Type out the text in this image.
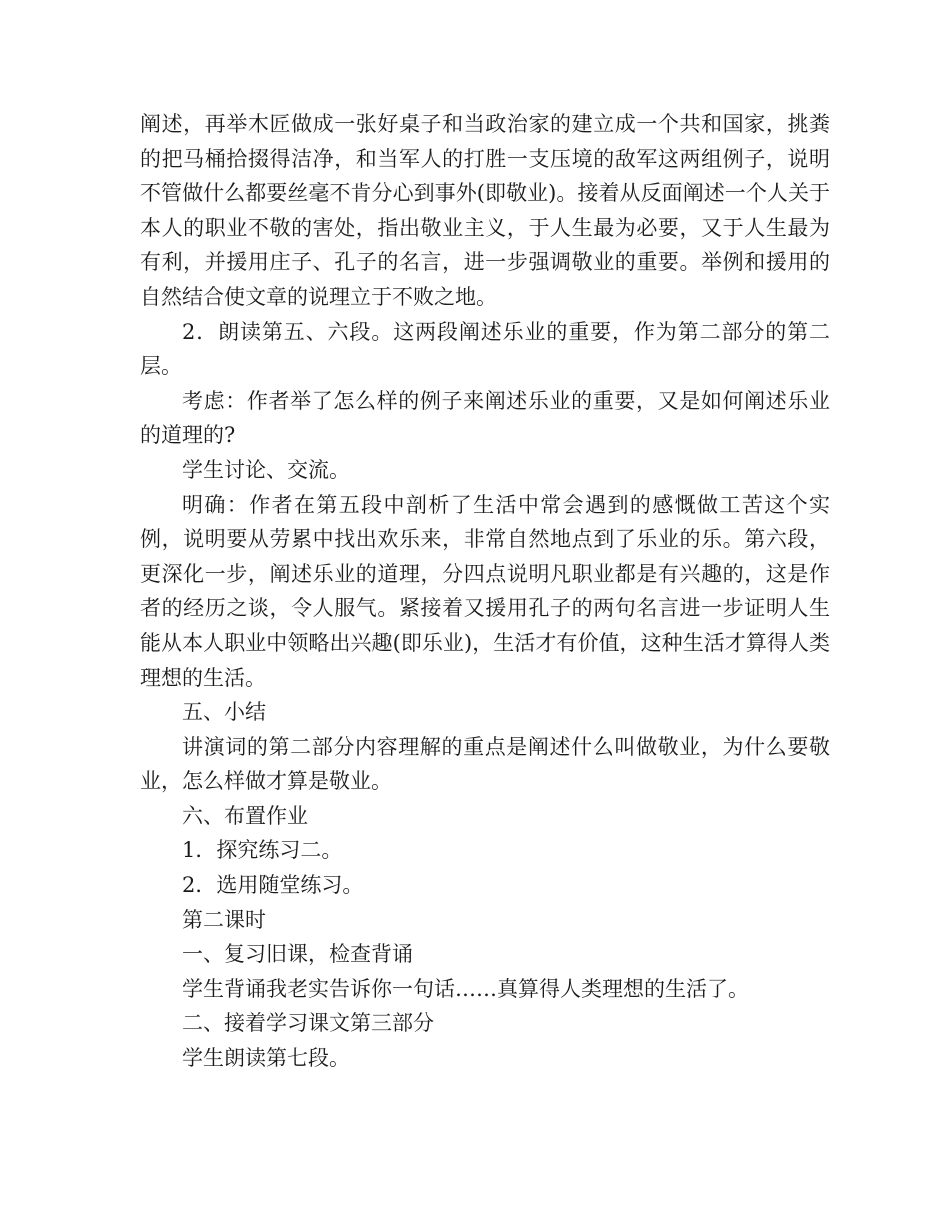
阐述，再举木匠做成一张好桌子和当政治家的建立成一个共和国家，挑粪的把马桶拾掇得洁净，和当军人的打胜一支压境的敌军这两组例子，说明不管做什么都要丝毫不肯分心到事外(即敬业)。接着从反面阐述一个人关于本人的职业不敬的害处，指出敬业主义，于人生最为必要，又于人生最为有利，并援用庄子、孔子的名言，进一步强调敬业的重要。举例和援用的自然结合使文章的说理立于不败之地。

2．朗读第五、六段。这两段阐述乐业的重要，作为第二部分的第二层。

考虑：作者举了怎么样的例子来阐述乐业的重要，又是如何阐述乐业的道理的?

学生讨论、交流。

明确：作者在第五段中剖析了生活中常会遇到的感慨做工苦这个实例，说明要从劳累中找出欢乐来，非常自然地点到了乐业的乐。第六段，更深化一步，阐述乐业的道理，分四点说明凡职业都是有兴趣的，这是作者的经历之谈，令人服气。紧接着又援用孔子的两句名言进一步证明人生能从本人职业中领略出兴趣(即乐业)，生活才有价值，这种生活才算得人类理想的生活。

五、小结

讲演词的第二部分内容理解的重点是阐述什么叫做敬业，为什么要敬业，怎么样做才算是敬业。

六、布置作业

1．探究练习二。

2．选用随堂练习。

第二课时

一、复习旧课，检查背诵

学生背诵我老实告诉你一句话……真算得人类理想的生活了。

二、接着学习课文第三部分

学生朗读第七段。
